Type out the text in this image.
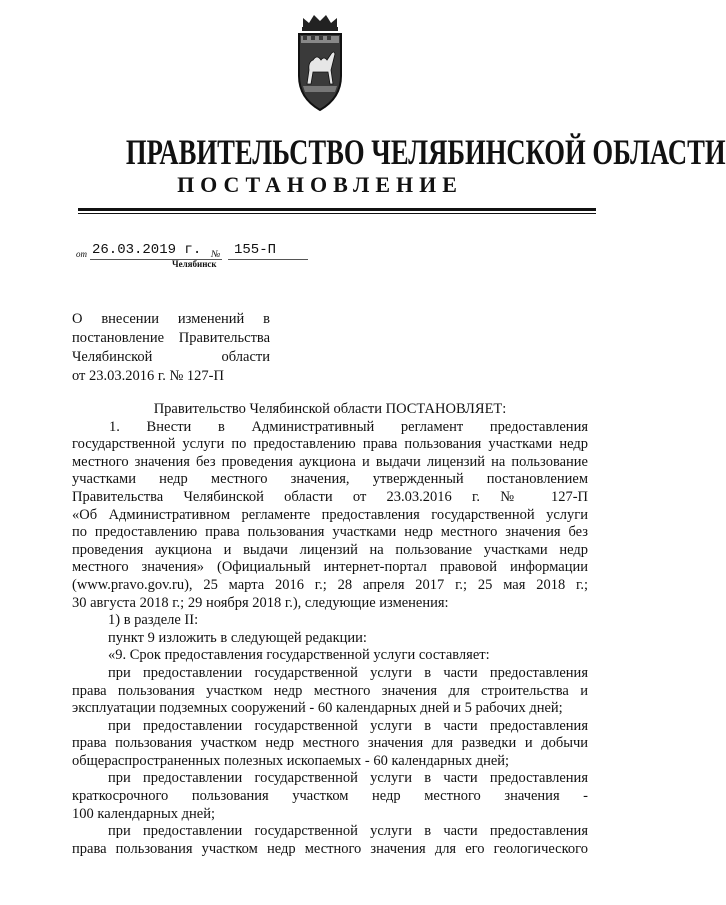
ПРАВИТЕЛЬСТВО ЧЕЛЯБИНСКОЙ ОБЛАСТИ
ПОСТАНОВЛЕНИЕ
от 26.03.2019 г. № 155-П
Челябинск
О внесении изменений в
постановление Правительства
Челябинской области
от 23.03.2016 г. № 127-П
Правительство Челябинской области ПОСТАНОВЛЯЕТ:
1. Внести в Административный регламент предоставления
государственной услуги по предоставлению права пользования участками недр
местного значения без проведения аукциона и выдачи лицензий на пользование
участками недр местного значения, утвержденный постановлением
Правительства Челябинской области от 23.03.2016 г. № 127-П
«Об Административном регламенте предоставления государственной услуги
по предоставлению права пользования участками недр местного значения без
проведения аукциона и выдачи лицензий на пользование участками недр
местного значения» (Официальный интернет-портал правовой информации
(www.pravo.gov.ru), 25 марта 2016 г.; 28 апреля 2017 г.; 25 мая 2018 г.;
30 августа 2018 г.; 29 ноября 2018 г.), следующие изменения:
1) в разделе II:
пункт 9 изложить в следующей редакции:
«9. Срок предоставления государственной услуги составляет:
при предоставлении государственной услуги в части предоставления
права пользования участком недр местного значения для строительства и
эксплуатации подземных сооружений - 60 календарных дней и 5 рабочих дней;
при предоставлении государственной услуги в части предоставления
права пользования участком недр местного значения для разведки и добычи
общераспространенных полезных ископаемых - 60 календарных дней;
при предоставлении государственной услуги в части предоставления
краткосрочного пользования участком недр местного значения -
100 календарных дней;
при предоставлении государственной услуги в части предоставления
права пользования участком недр местного значения для его геологического
